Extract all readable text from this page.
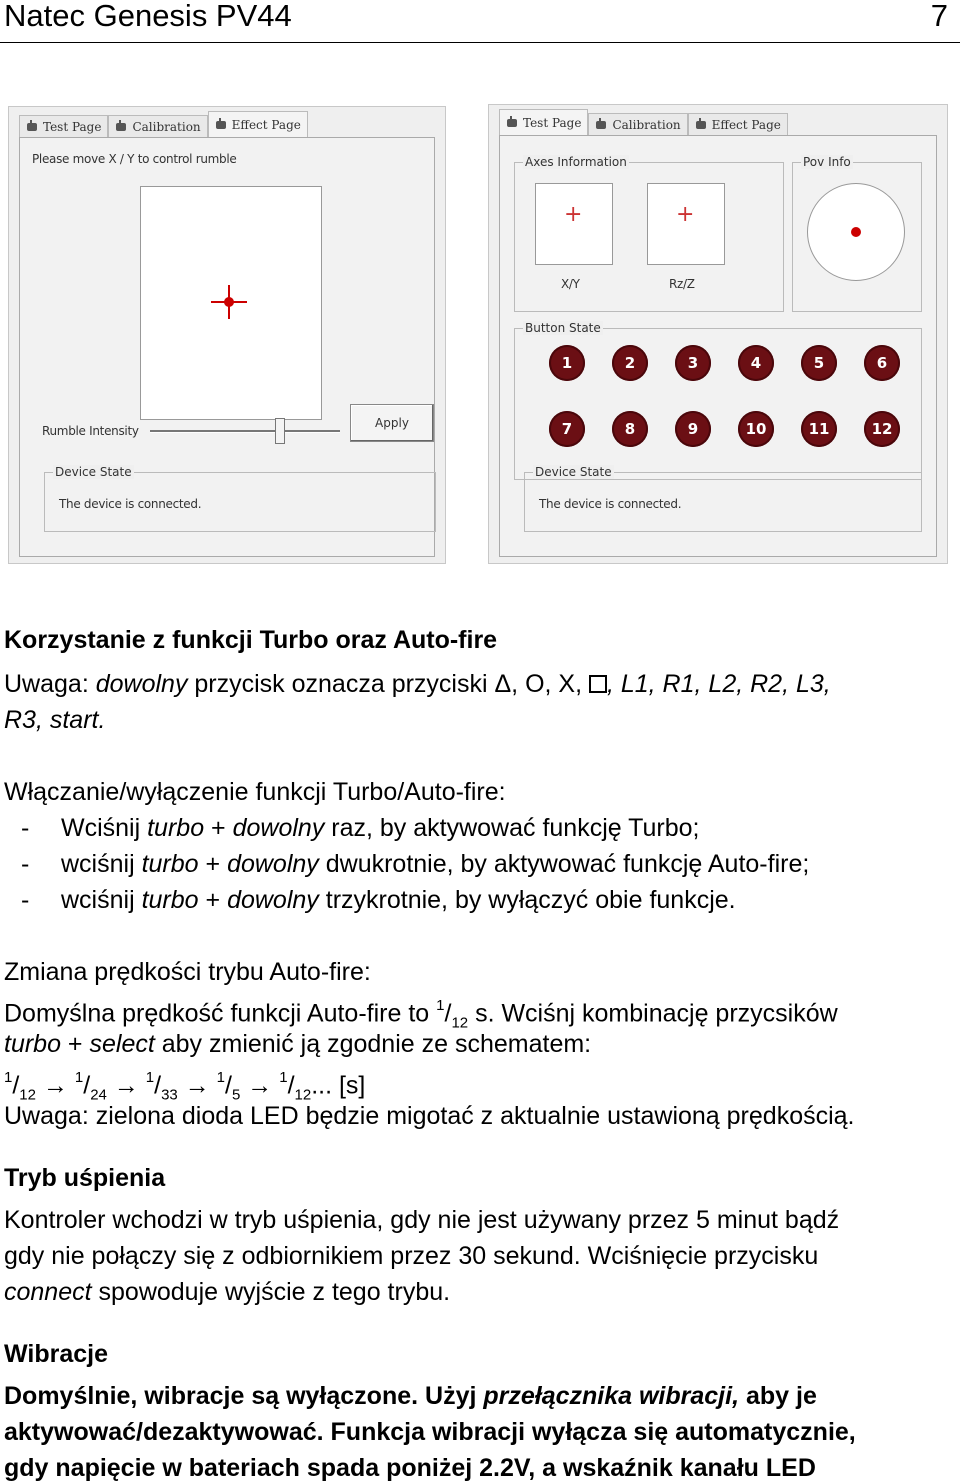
Natec Genesis PV44	7
Test Page	Calibration	Effect Page
Please move X / Y to control rumble
Rumble Intensity
Apply
Device State
The device is connected.
Test Page	Calibration	Effect Page
Axes Information
+	+
X/Y	Rz/Z
Pov Info
Button State
1	2	3	4	5	6
7	8	9	10	11	12
Device State
The device is connected.
Korzystanie z funkcji Turbo oraz Auto-fire
Uwaga: dowolny przycisk oznacza przyciski Δ, O, X, , L1, R1, L2, R2, L3,
R3, start.
Włączanie/wyłączenie funkcji Turbo/Auto-fire:
- Wciśnij turbo + dowolny raz, by aktywować funkcję Turbo;
- wciśnij turbo + dowolny dwukrotnie, by aktywować funkcję Auto-fire;
- wciśnij turbo + dowolny trzykrotnie, by wyłączyć obie funkcje.
Zmiana prędkości trybu Auto-fire:
Domyślna prędkość funkcji Auto-fire to $^1/_{12}$ s. Wciśnj kombinację przycsików
turbo + select aby zmienić ją zgodnie ze schematem:
$^1/_{12} \to ^1/_{24} \to ^1/_{33} \to ^1/_5 \to ^1/_{12}$... [s]
Uwaga: zielona dioda LED będzie migotać z aktualnie ustawioną prędkością.
Tryb uśpienia
Kontroler wchodzi w tryb uśpienia, gdy nie jest używany przez 5 minut bądź
gdy nie połączy się z odbiornikiem przez 30 sekund. Wciśnięcie przycisku
connect spowoduje wyjście z tego trybu.
Wibracje
Domyślnie, wibracje są wyłączone. Użyj przełącznika wibracji, aby je
aktywować/dezaktywować. Funkcja wibracji wyłącza się automatycznie,
gdy napięcie w bateriach spada poniżej 2.2V, a wskaźnik kanału LED
